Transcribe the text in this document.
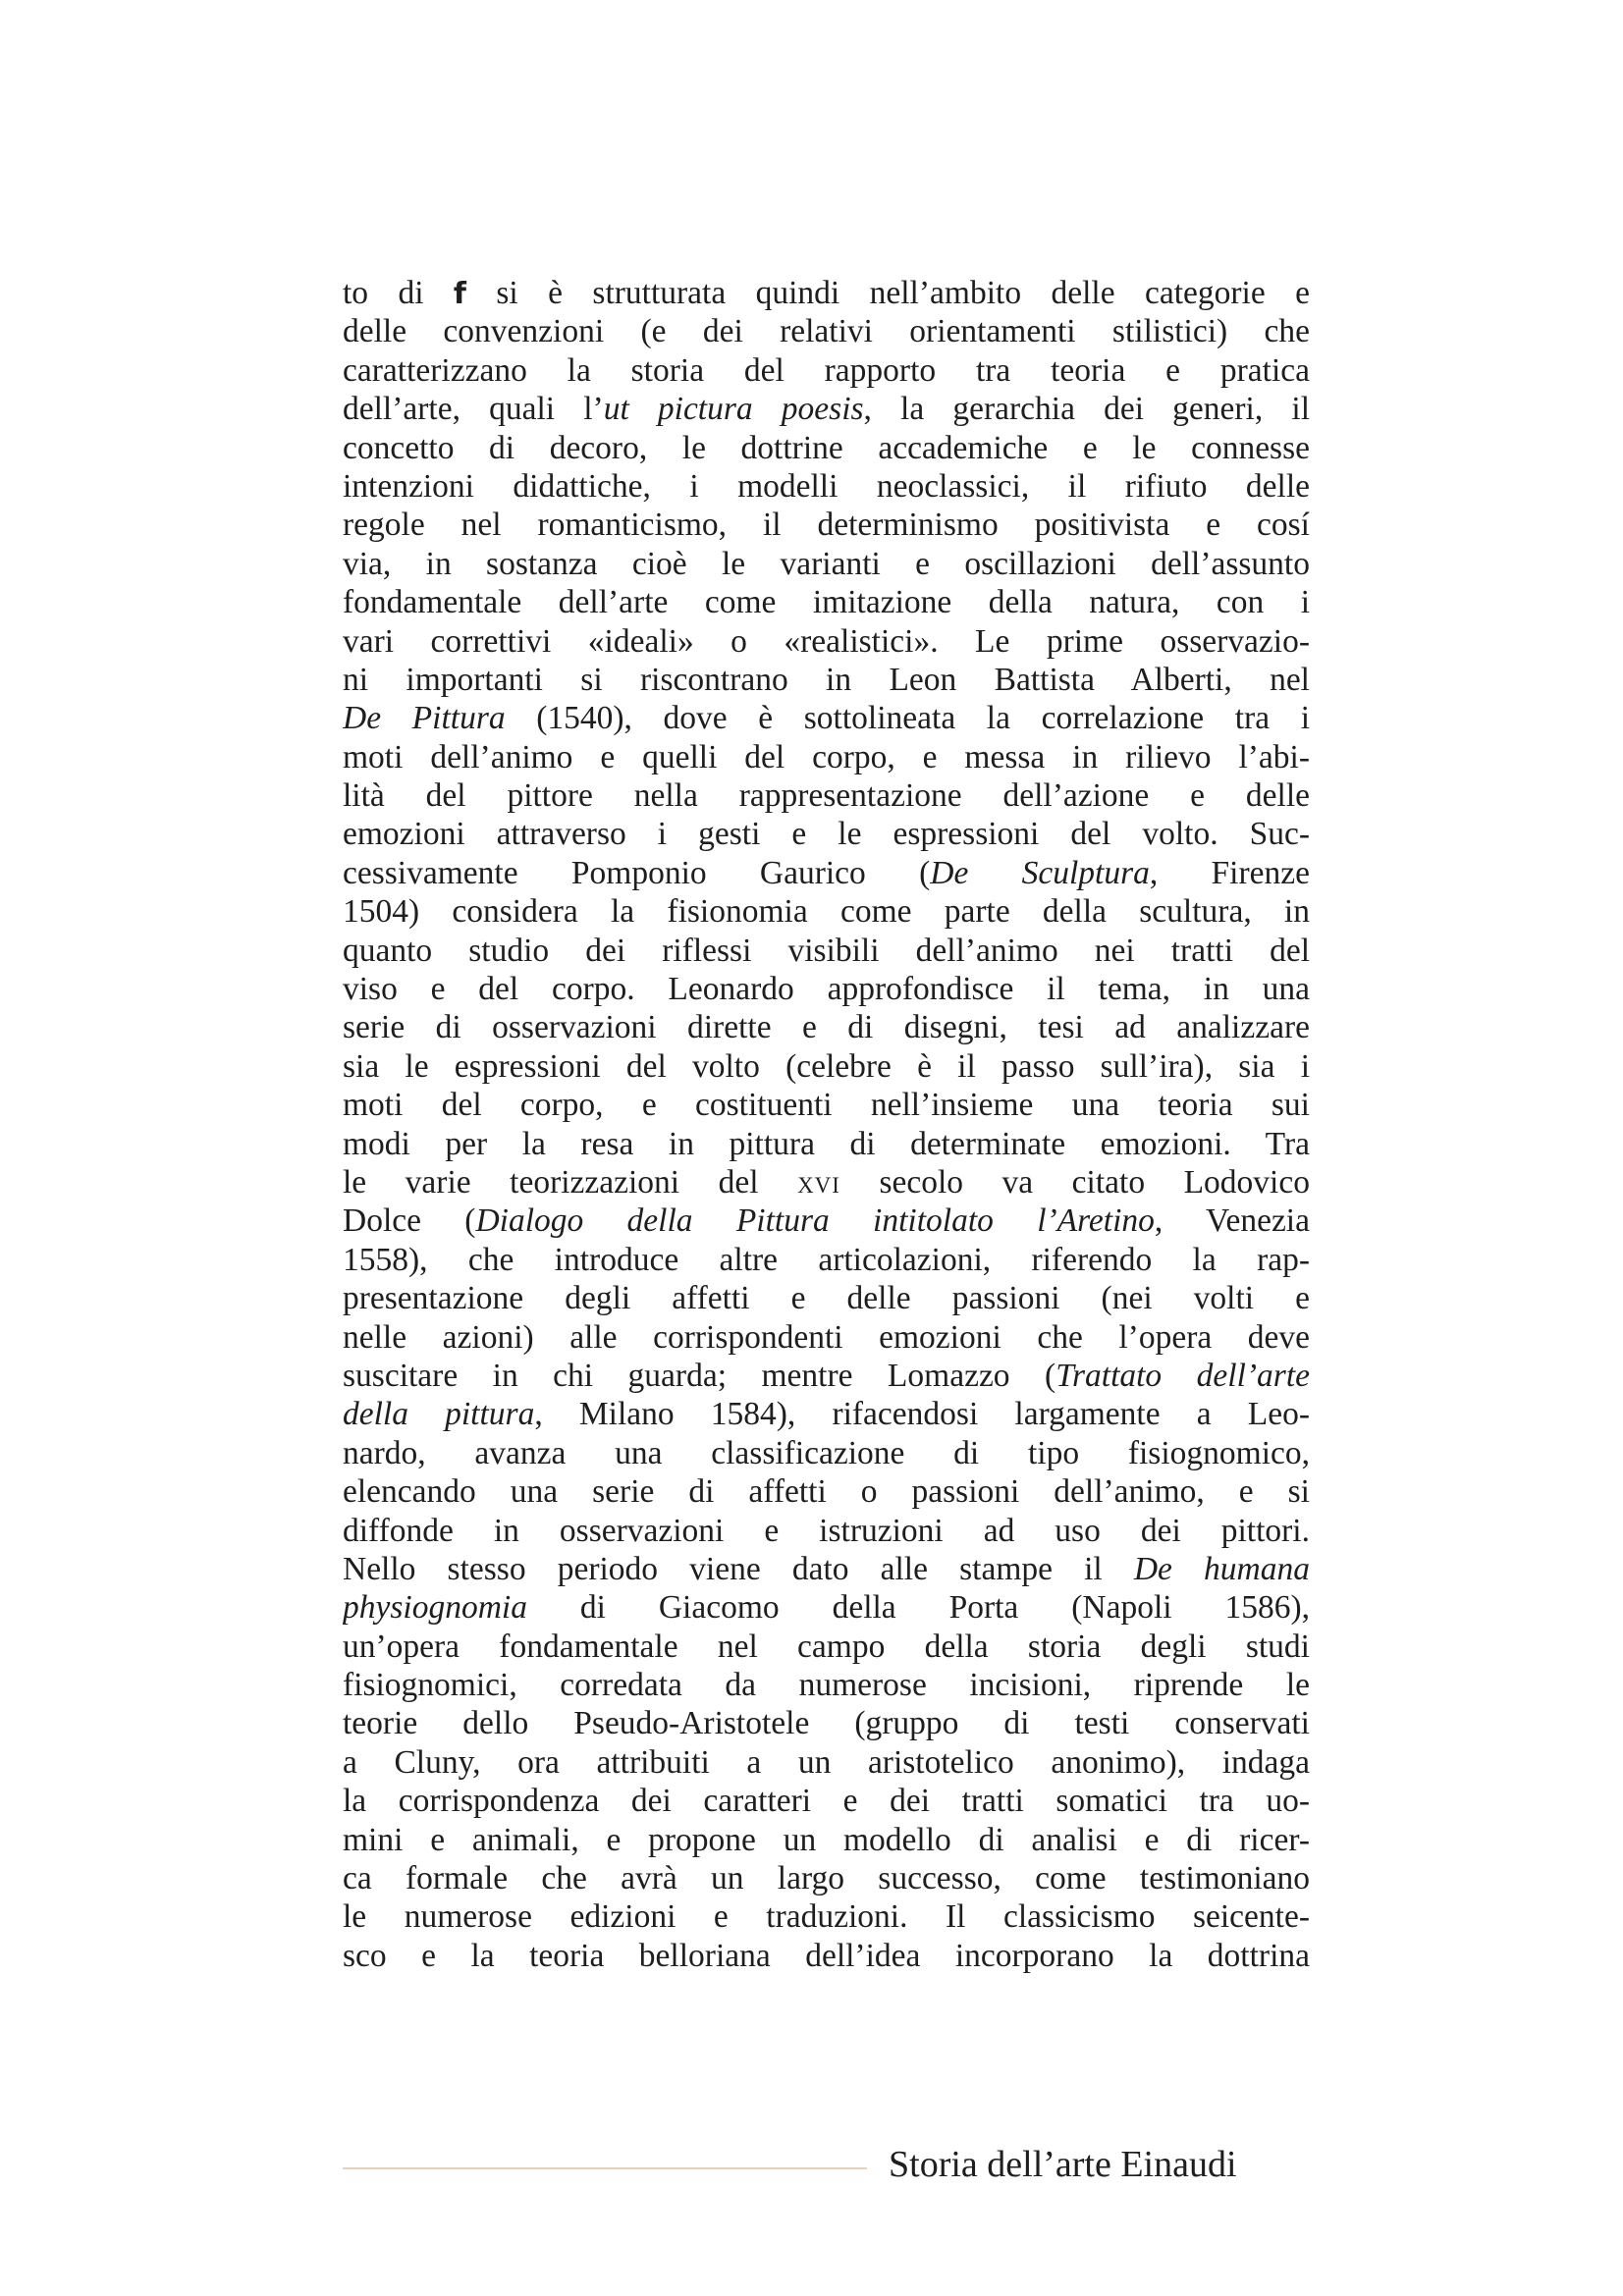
to di f si è strutturata quindi nell’ambito delle categorie e
delle convenzioni (e dei relativi orientamenti stilistici) che
caratterizzano la storia del rapporto tra teoria e pratica
dell’arte, quali l’ut pictura poesis, la gerarchia dei generi, il
concetto di decoro, le dottrine accademiche e le connesse
intenzioni didattiche, i modelli neoclassici, il rifiuto delle
regole nel romanticismo, il determinismo positivista e cosí
via, in sostanza cioè le varianti e oscillazioni dell’assunto
fondamentale dell’arte come imitazione della natura, con i
vari correttivi «ideali» o «realistici». Le prime osservazio-
ni importanti si riscontrano in Leon Battista Alberti, nel
De Pittura (1540), dove è sottolineata la correlazione tra i
moti dell’animo e quelli del corpo, e messa in rilievo l’abi-
lità del pittore nella rappresentazione dell’azione e delle
emozioni attraverso i gesti e le espressioni del volto. Suc-
cessivamente Pomponio Gaurico (De Sculptura, Firenze
1504) considera la fisionomia come parte della scultura, in
quanto studio dei riflessi visibili dell’animo nei tratti del
viso e del corpo. Leonardo approfondisce il tema, in una
serie di osservazioni dirette e di disegni, tesi ad analizzare
sia le espressioni del volto (celebre è il passo sull’ira), sia i
moti del corpo, e costituenti nell’insieme una teoria sui
modi per la resa in pittura di determinate emozioni. Tra
le varie teorizzazioni del xvi secolo va citato Lodovico
Dolce (Dialogo della Pittura intitolato l’Aretino, Venezia
1558), che introduce altre articolazioni, riferendo la rap-
presentazione degli affetti e delle passioni (nei volti e
nelle azioni) alle corrispondenti emozioni che l’opera deve
suscitare in chi guarda; mentre Lomazzo (Trattato dell’arte
della pittura, Milano 1584), rifacendosi largamente a Leo-
nardo, avanza una classificazione di tipo fisiognomico,
elencando una serie di affetti o passioni dell’animo, e si
diffonde in osservazioni e istruzioni ad uso dei pittori.
Nello stesso periodo viene dato alle stampe il De humana
physiognomia di Giacomo della Porta (Napoli 1586),
un’opera fondamentale nel campo della storia degli studi
fisiognomici, corredata da numerose incisioni, riprende le
teorie dello Pseudo-Aristotele (gruppo di testi conservati
a Cluny, ora attribuiti a un aristotelico anonimo), indaga
la corrispondenza dei caratteri e dei tratti somatici tra uo-
mini e animali, e propone un modello di analisi e di ricer-
ca formale che avrà un largo successo, come testimoniano
le numerose edizioni e traduzioni. Il classicismo seicente-
sco e la teoria belloriana dell’idea incorporano la dottrina
Storia dell’arte Einaudi
